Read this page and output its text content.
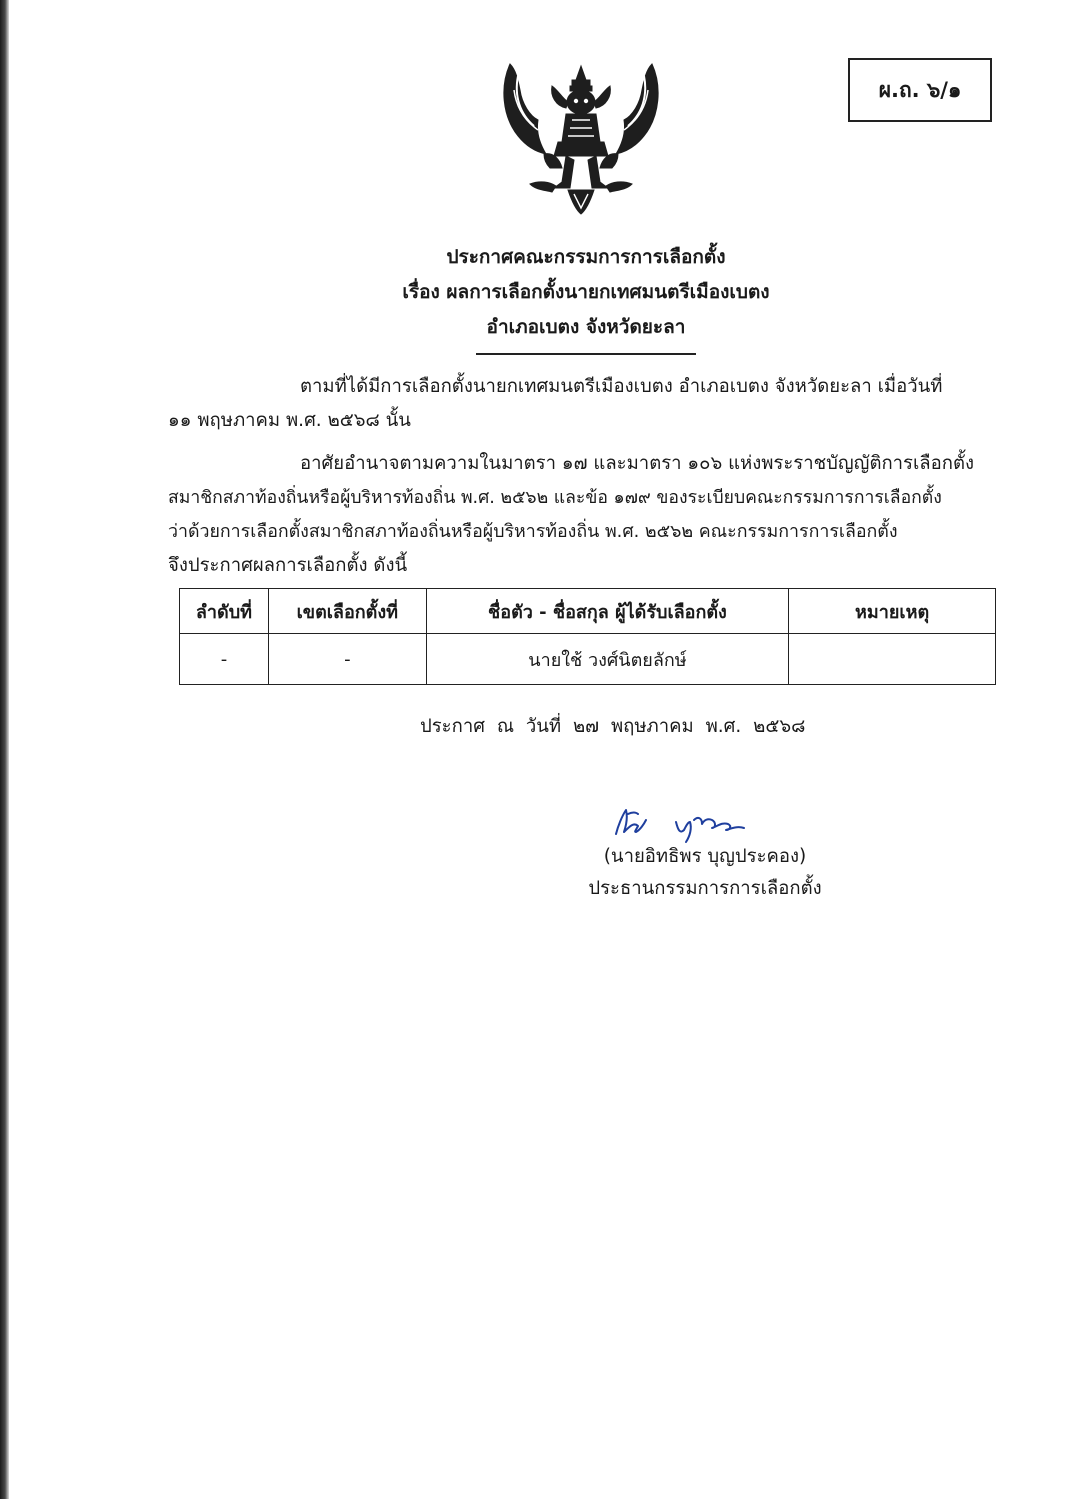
ผ.ถ. ๖/๑
ประกาศคณะกรรมการการเลือกตั้ง
เรื่อง ผลการเลือกตั้งนายกเทศมนตรีเมืองเบตง
อำเภอเบตง จังหวัดยะลา
ตามที่ได้มีการเลือกตั้งนายกเทศมนตรีเมืองเบตง อำเภอเบตง จังหวัดยะลา เมื่อวันที่
๑๑ พฤษภาคม พ.ศ. ๒๕๖๘ นั้น
อาศัยอำนาจตามความในมาตรา ๑๗ และมาตรา ๑๐๖ แห่งพระราชบัญญัติการเลือกตั้ง
สมาชิกสภาท้องถิ่นหรือผู้บริหารท้องถิ่น พ.ศ. ๒๕๖๒ และข้อ ๑๗๙ ของระเบียบคณะกรรมการการเลือกตั้ง
ว่าด้วยการเลือกตั้งสมาชิกสภาท้องถิ่นหรือผู้บริหารท้องถิ่น พ.ศ. ๒๕๖๒ คณะกรรมการการเลือกตั้ง
จึงประกาศผลการเลือกตั้ง ดังนี้
ลำดับที่	เขตเลือกตั้งที่	ชื่อตัว - ชื่อสกุล ผู้ได้รับเลือกตั้ง	หมายเหตุ
-	-	นายใช้ วงศ์นิตยลักษ์	
ประกาศ ณ วันที่ ๒๗ พฤษภาคม พ.ศ. ๒๕๖๘
(นายอิทธิพร บุญประคอง)
ประธานกรรมการการเลือกตั้ง
